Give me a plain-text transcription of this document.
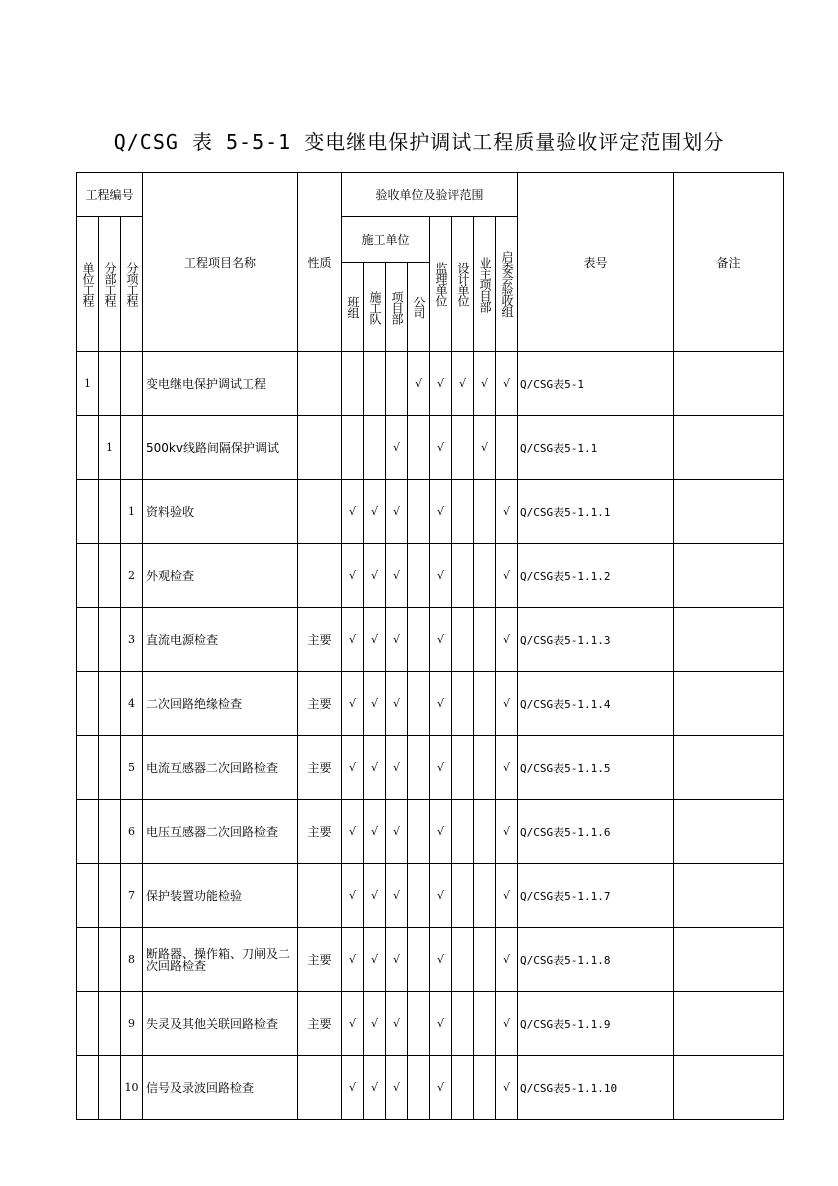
Q/CSG 表 5-5-1 变电继电保护调试工程质量验收评定范围划分
工程编号			工程项目名称	性质	验收单位及验评范围								表号	备注

单位工程	分部工程	分项工程			施工单位				监理单位	设计单位	业主项目部	启委会验收组		

					班组	施工队	项目部	公司						

1			变电继电保护调试工程					√	√	√	√	√	Q/CSG表5-1	
	1		500kv线路间隔保护调试				√		√		√		Q/CSG表5-1.1	
		1	资料验收		√	√	√		√			√	Q/CSG表5-1.1.1	
		2	外观检查		√	√	√		√			√	Q/CSG表5-1.1.2	
		3	直流电源检查	主要	√	√	√		√			√	Q/CSG表5-1.1.3	
		4	二次回路绝缘检查	主要	√	√	√		√			√	Q/CSG表5-1.1.4	
		5	电流互感器二次回路检查	主要	√	√	√		√			√	Q/CSG表5-1.1.5	
		6	电压互感器二次回路检查	主要	√	√	√		√			√	Q/CSG表5-1.1.6	
		7	保护装置功能检验		√	√	√		√			√	Q/CSG表5-1.1.7	
		8	断路器、操作箱、刀闸及二次回路检查	主要	√	√	√		√			√	Q/CSG表5-1.1.8	
		9	失灵及其他关联回路检查	主要	√	√	√		√			√	Q/CSG表5-1.1.9	
		10	信号及录波回路检查		√	√	√		√			√	Q/CSG表5-1.1.10	
